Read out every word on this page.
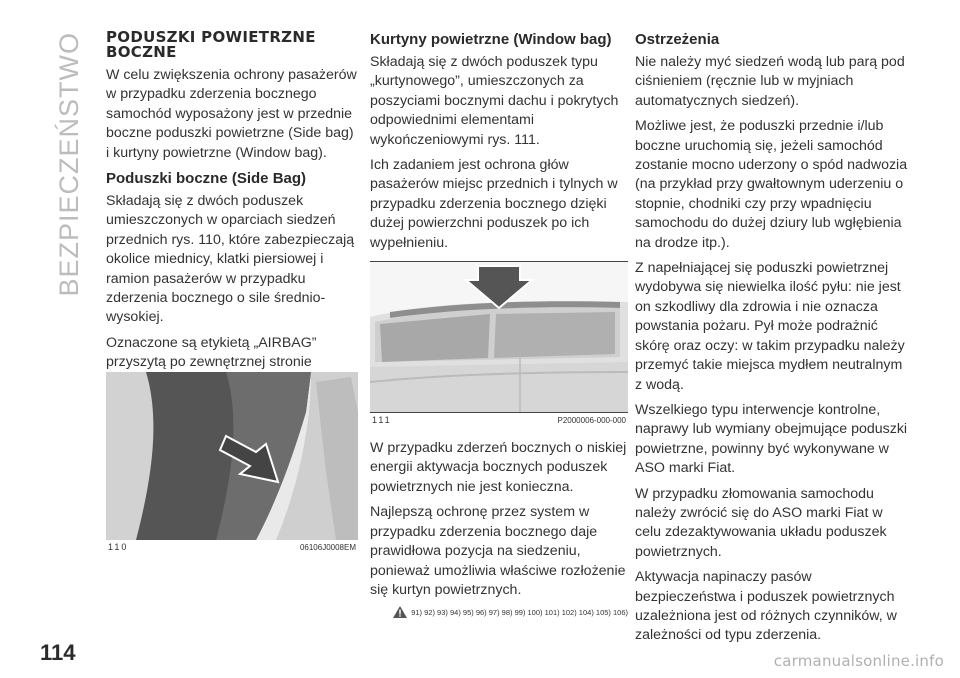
BEZPIECZEŃSTWO
114
PODUSZKI POWIETRZNE BOCZNE

W celu zwiększenia ochrony pasażerów w przypadku zderzenia bocznego samochód wyposażony jest w przednie boczne poduszki powietrzne (Side bag) i kurtyny powietrzne (Window bag).

Poduszki boczne (Side Bag)

Składają się z dwóch poduszek umieszczonych w oparciach siedzeń przednich rys. 110, które zabezpieczają okolice miednicy, klatki piersiowej i ramion pasażerów w przypadku zderzenia bocznego o sile średnio-wysokiej.

Oznaczone są etykietą „AIRBAG” przyszytą po zewnętrznej stronie

110	06106J0008EM
Kurtyny powietrzne (Window bag)

Składają się z dwóch poduszek typu „kurtynowego”, umieszczonych za poszyciami bocznymi dachu i pokrytych odpowiednimi elementami wykończeniowymi rys. 111.

Ich zadaniem jest ochrona głów pasażerów miejsc przednich i tylnych w przypadku zderzenia bocznego dzięki dużej powierzchni poduszek po ich wypełnieniu.

111	P2000006-000-000

W przypadku zderzeń bocznych o niskiej energii aktywacja bocznych poduszek powietrznych nie jest konieczna.

Najlepszą ochronę przez system w przypadku zderzenia bocznego daje prawidłowa pozycja na siedzeniu, ponieważ umożliwia właściwe rozłożenie się kurtyn powietrznych.

91) 92) 93) 94) 95) 96) 97) 98) 99) 100) 101) 102) 104) 105) 106)
Ostrzeżenia

Nie należy myć siedzeń wodą lub parą pod ciśnieniem (ręcznie lub w myjniach automatycznych siedzeń).

Możliwe jest, że poduszki przednie i/lub boczne uruchomią się, jeżeli samochód zostanie mocno uderzony o spód nadwozia (na przykład przy gwałtownym uderzeniu o stopnie, chodniki czy przy wpadnięciu samochodu do dużej dziury lub wgłębienia na drodze itp.).

Z napełniającej się poduszki powietrznej wydobywa się niewielka ilość pyłu: nie jest on szkodliwy dla zdrowia i nie oznacza powstania pożaru. Pył może podrażnić skórę oraz oczy: w takim przypadku należy przemyć takie miejsca mydłem neutralnym z wodą.

Wszelkiego typu interwencje kontrolne, naprawy lub wymiany obejmujące poduszki powietrzne, powinny być wykonywane w ASO marki Fiat.

W przypadku złomowania samochodu należy zwrócić się do ASO marki Fiat w celu zdezaktywowania układu poduszek powietrznych.

Aktywacja napinaczy pasów bezpieczeństwa i poduszek powietrznych uzależniona jest od różnych czynników, w zależności od typu zderzenia.

carmanualsonline.info
